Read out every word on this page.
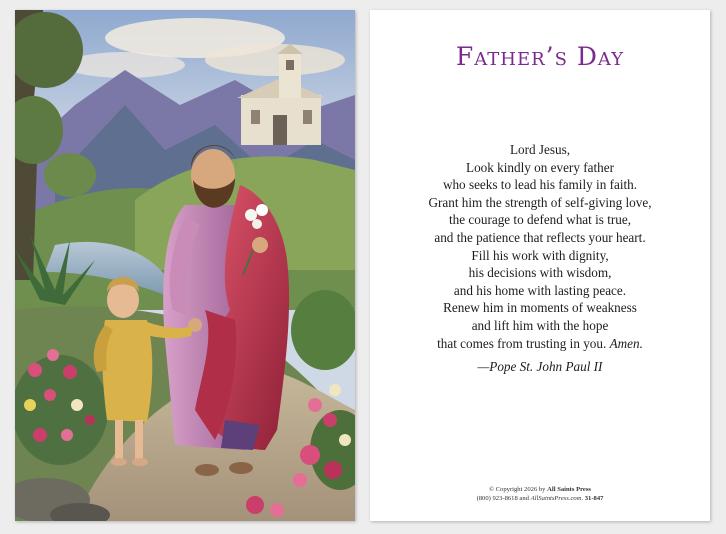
Father’s Day
Lord Jesus,
Look kindly on every father
who seeks to lead his family in faith.
Grant him the strength of self-giving love,
the courage to defend what is true,
and the patience that reflects your heart.
Fill his work with dignity,
his decisions with wisdom,
and his home with lasting peace.
Renew him in moments of weakness
and lift him with the hope
that comes from trusting in you. Amen.
—Pope St. John Paul II
© Copyright 2026 by All Saints Press
(800) 923-8618 and AllSaintsPress.com. 31-847
